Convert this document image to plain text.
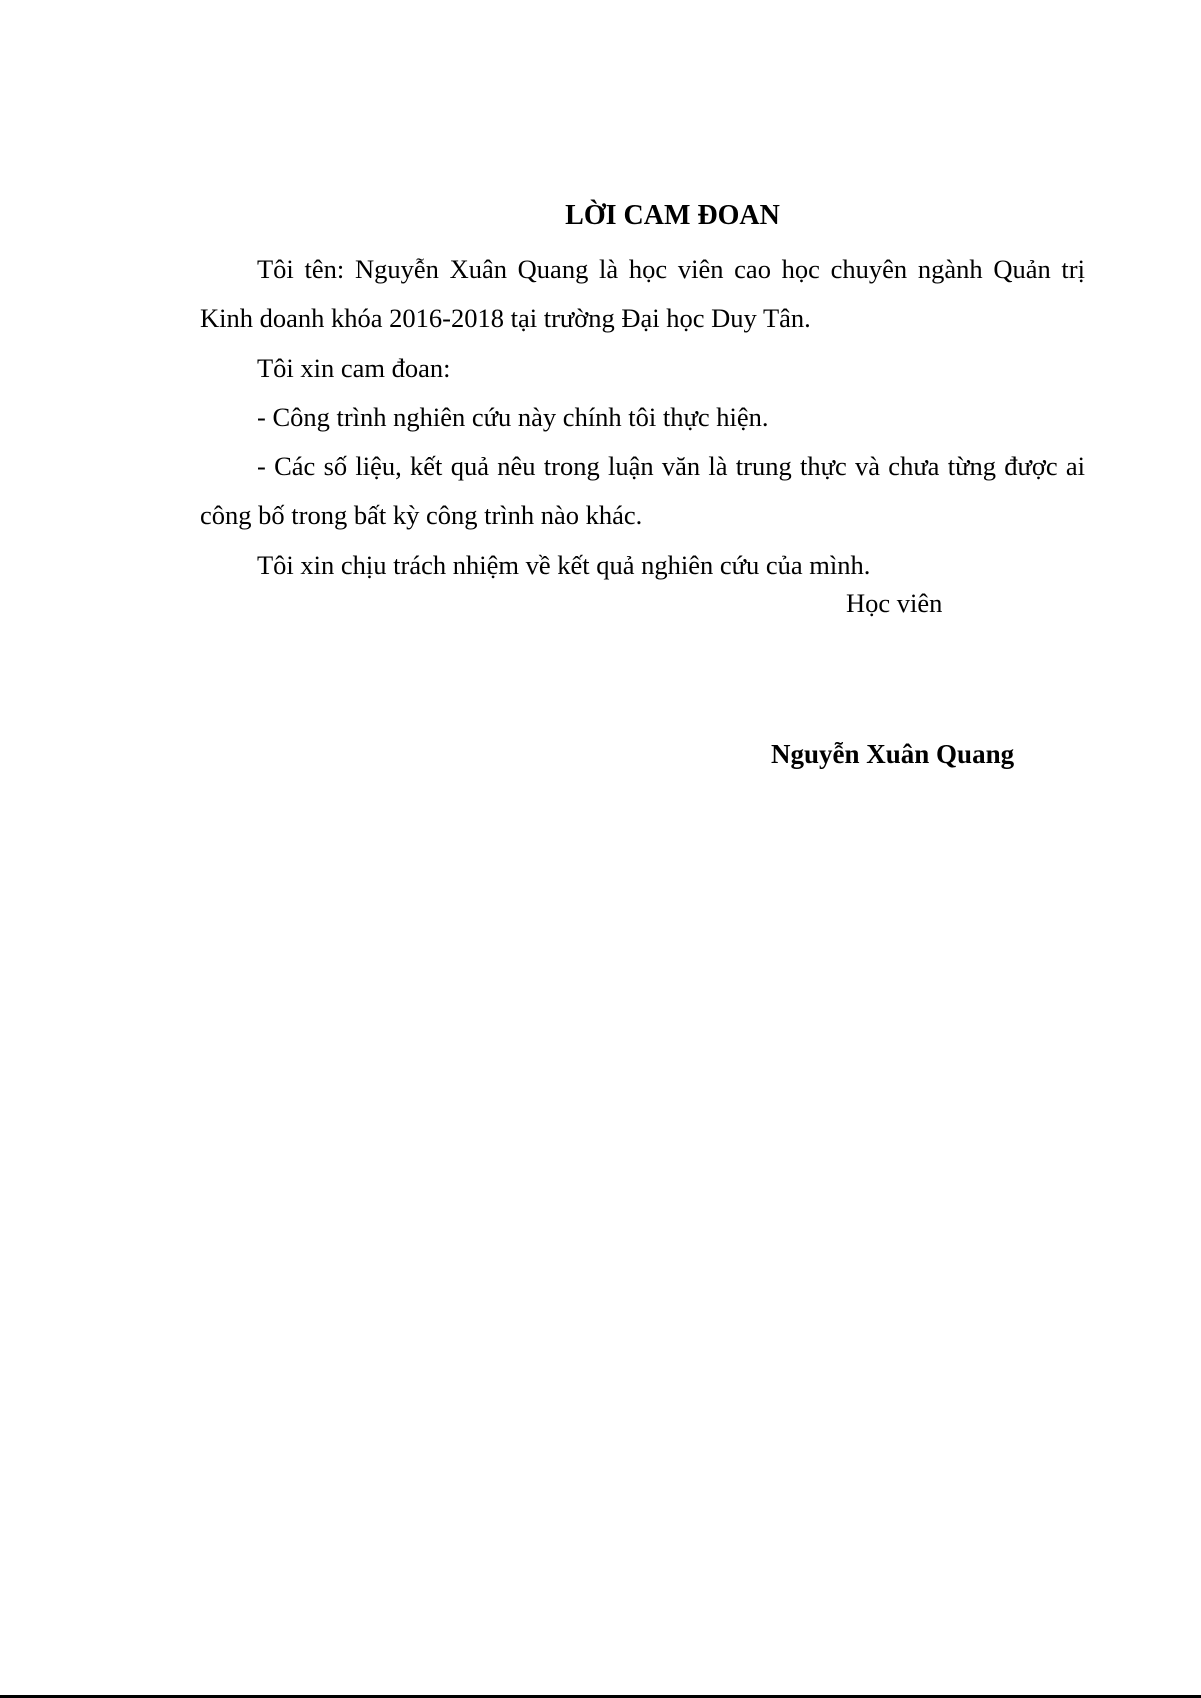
LỜI CAM ĐOAN

Tôi tên: Nguyễn Xuân Quang là học viên cao học chuyên ngành Quản trị Kinh doanh khóa 2016-2018 tại trường Đại học Duy Tân.

Tôi xin cam đoan:

- Công trình nghiên cứu này chính tôi thực hiện.

- Các số liệu, kết quả nêu trong luận văn là trung thực và chưa từng được ai công bố trong bất kỳ công trình nào khác.

Tôi xin chịu trách nhiệm về kết quả nghiên cứu của mình.

Học viên
Nguyễn Xuân Quang
